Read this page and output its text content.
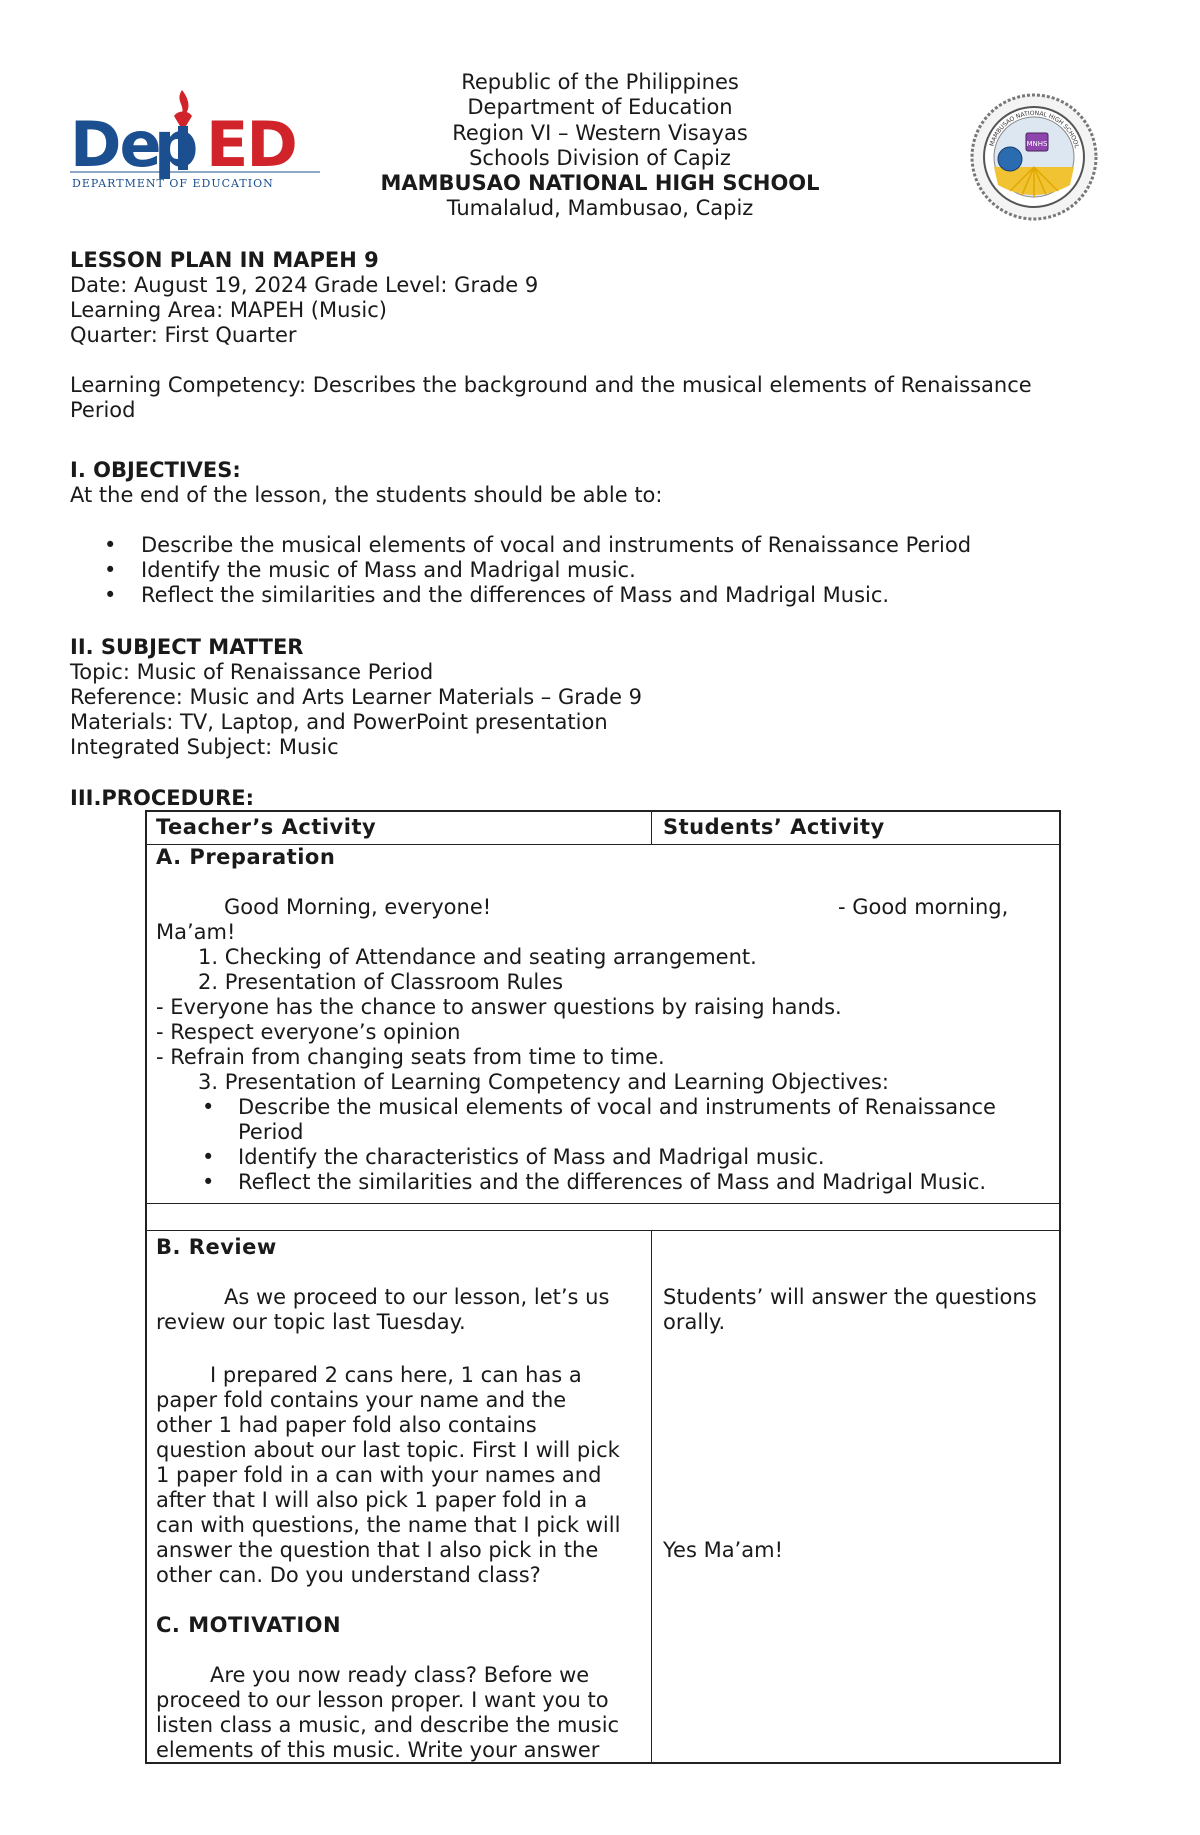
De
p ED
DEPARTMENT OF EDUCATION
Republic of the Philippines
Department of Education
Region VI – Western Visayas
Schools Division of Capiz
MAMBUSAO NATIONAL HIGH SCHOOL
Tumalalud, Mambusao, Capiz
MNHS
MAMBUSAO NATIONAL HIGH SCHOOL
LESSON PLAN IN MAPEH 9
Date: August 19, 2024 Grade Level: Grade 9
Learning Area: MAPEH (Music)
Quarter: First Quarter
Learning Competency: Describes the background and the musical elements of Renaissance Period
I. OBJECTIVES:
At the end of the lesson, the students should be able to:
• Describe the musical elements of vocal and instruments of Renaissance Period
• Identify the music of Mass and Madrigal music.
• Reflect the similarities and the differences of Mass and Madrigal Music.
II. SUBJECT MATTER
Topic: Music of Renaissance Period
Reference: Music and Arts Learner Materials – Grade 9
Materials: TV, Laptop, and PowerPoint presentation
Integrated Subject: Music
III.PROCEDURE:
Teacher’s Activity	Students’ Activity
A. Preparation
Good Morning, everyone!	- Good morning,
Ma’am!
1. Checking of Attendance and seating arrangement.
2. Presentation of Classroom Rules
- Everyone has the chance to answer questions by raising hands.
- Respect everyone’s opinion
- Refrain from changing seats from time to time.
3. Presentation of Learning Competency and Learning Objectives:
• Describe the musical elements of vocal and instruments of Renaissance
Period
• Identify the characteristics of Mass and Madrigal music.
• Reflect the similarities and the differences of Mass and Madrigal Music.
B. Review
As we proceed to our lesson, let’s us
review our topic last Tuesday.
I prepared 2 cans here, 1 can has a
paper fold contains your name and the
other 1 had paper fold also contains
question about our last topic. First I will pick
1 paper fold in a can with your names and
after that I will also pick 1 paper fold in a
can with questions, the name that I pick will
answer the question that I also pick in the
other can. Do you understand class?
C. MOTIVATION
Are you now ready class? Before we
proceed to our lesson proper. I want you to
listen class a music, and describe the music
elements of this music. Write your answer
Students’ will answer the questions
orally.
Yes Ma’am!
